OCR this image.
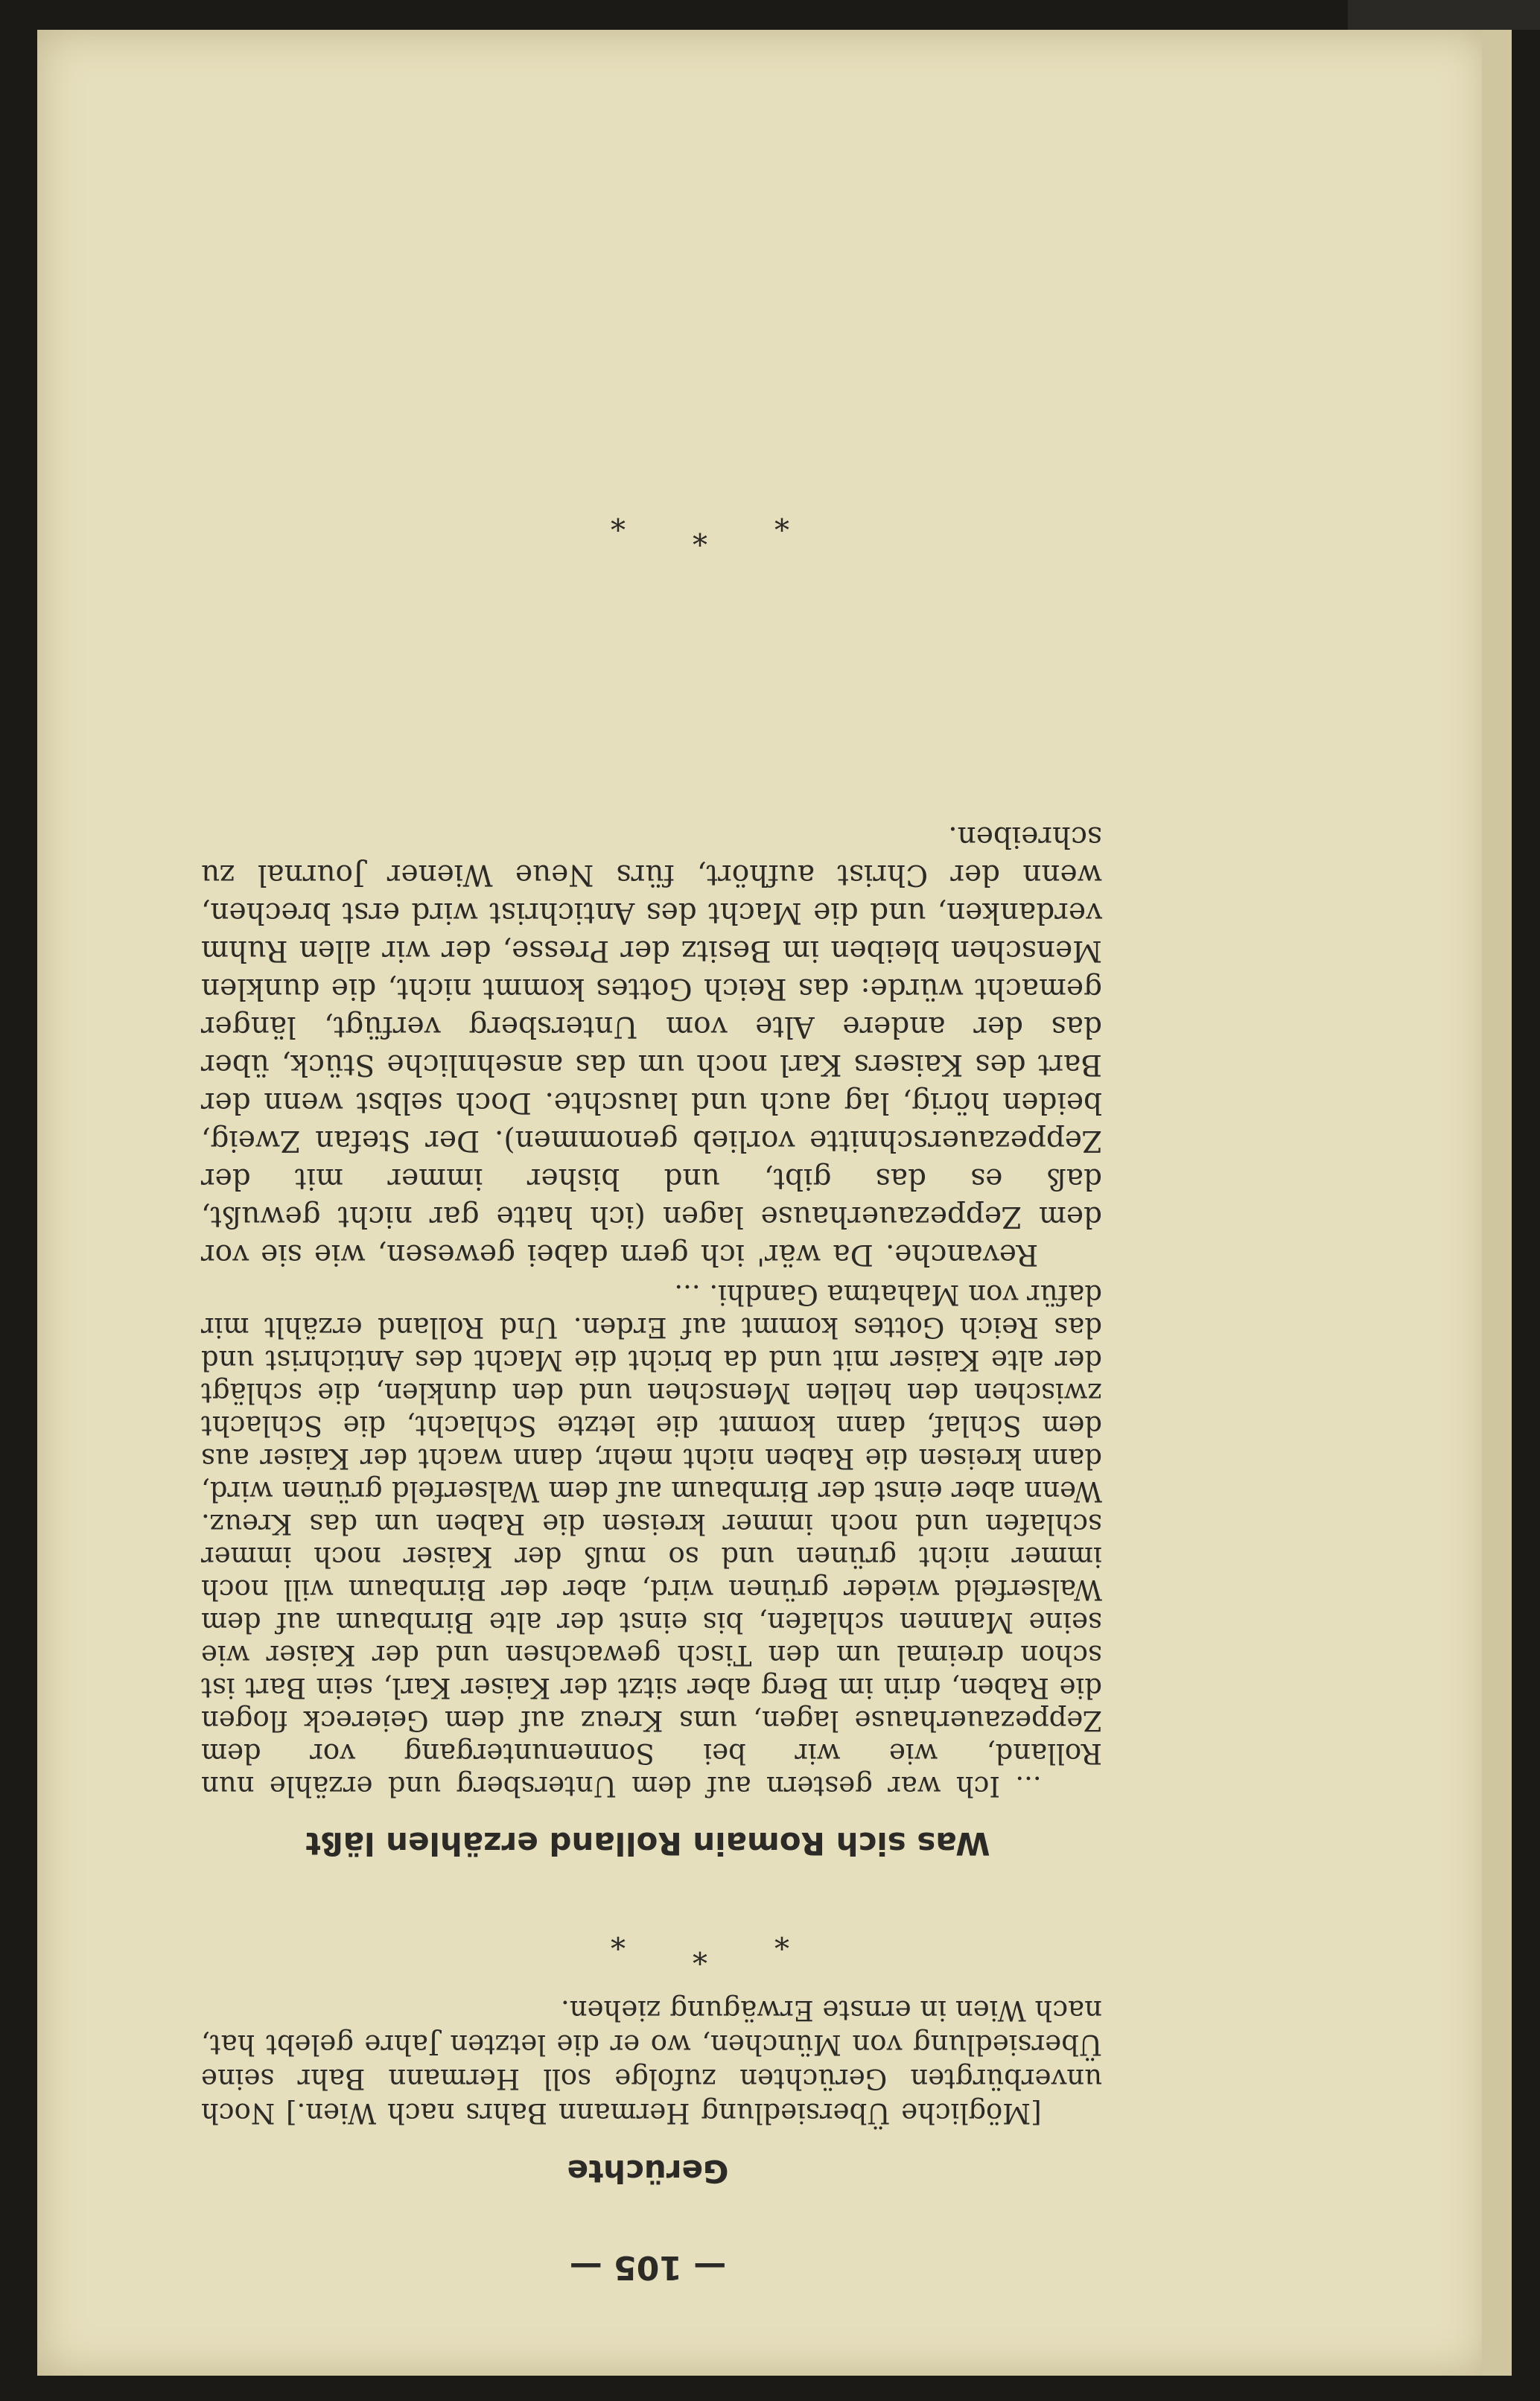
— 105 —
Gerüchte

[Mögliche Übersiedlung Hermann Bahrs nach Wien.] Noch unverbürgten Gerüchten zufolge soll Hermann Bahr seine Übersiedlung von München, wo er die letzten Jahre gelebt hat, nach Wien in ernste Erwägung ziehen.

*
*
*
Was sich Romain Rolland erzählen läßt

... Ich war gestern auf dem Untersberg und erzähle nun Rolland, wie wir bei Sonnenuntergang vor dem Zeppezauerhause lagen, ums Kreuz auf dem Geiereck flogen die Raben, drin im Berg aber sitzt der Kaiser Karl, sein Bart ist schon dreimal um den Tisch gewachsen und der Kaiser wie seine Mannen schlafen, bis einst der alte Birnbaum auf dem Walserfeld wieder grünen wird, aber der Birnbaum will noch immer nicht grünen und so muß der Kaiser noch immer schlafen und noch immer kreisen die Raben um das Kreuz. Wenn aber einst der Birnbaum auf dem Walserfeld grünen wird, dann kreisen die Raben nicht mehr, dann wacht der Kaiser aus dem Schlaf, dann kommt die letzte Schlacht, die Schlacht zwischen den hellen Menschen und den dunklen, die schlägt der alte Kaiser mit und da bricht die Macht des Antichrist und das Reich Gottes kommt auf Erden. Und Rolland erzählt mir dafür von Mahatma Gandhi. ...

Revanche. Da wär' ich gern dabei gewesen, wie sie vor dem Zeppezauerhause lagen (ich hatte gar nicht gewußt, daß es das gibt, und bisher immer mit der Zeppezauerschnitte vorlieb genommen). Der Stefan Zweig, beiden hörig, lag auch und lauschte. Doch selbst wenn der Bart des Kaisers Karl noch um das ansehnliche Stück, über das der andere Alte vom Untersberg verfügt, länger gemacht würde: das Reich Gottes kommt nicht, die dunklen Menschen bleiben im Besitz der Presse, der wir allen Ruhm verdanken, und die Macht des Antichrist wird erst brechen, wenn der Christ aufhört, fürs Neue Wiener Journal zu schreiben.

*
*
*
